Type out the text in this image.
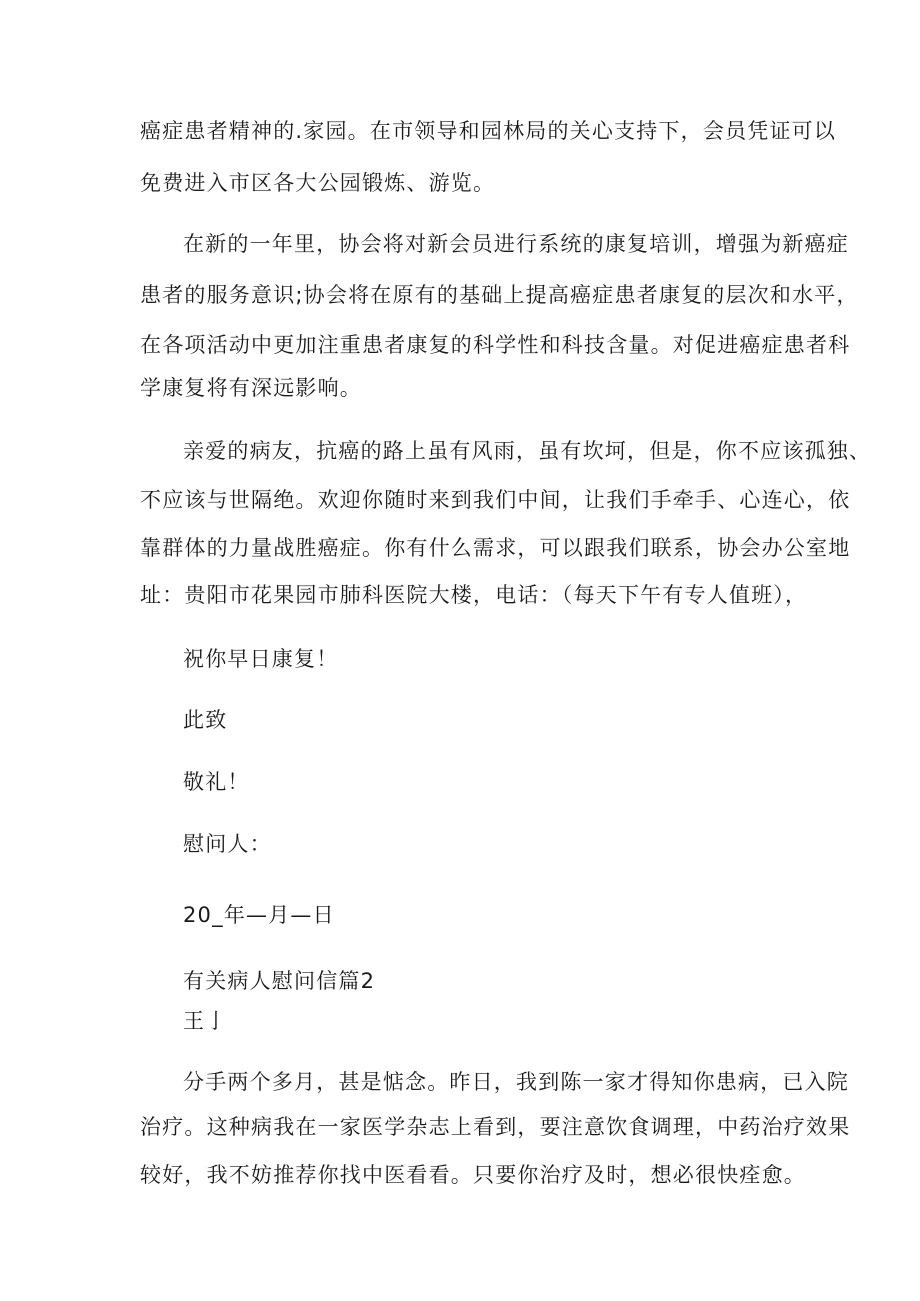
癌症患者精神的.家园。在市领导和园林局的关心支持下，会员凭证可以
免费进入市区各大公园锻炼、游览。
在新的一年里，协会将对新会员进行系统的康复培训，增强为新癌症
患者的服务意识;协会将在原有的基础上提高癌症患者康复的层次和水平，
在各项活动中更加注重患者康复的科学性和科技含量。对促进癌症患者科
学康复将有深远影响。
亲爱的病友，抗癌的路上虽有风雨，虽有坎坷，但是，你不应该孤独、
不应该与世隔绝。欢迎你随时来到我们中间，让我们手牵手、心连心，依
靠群体的力量战胜癌症。你有什么需求，可以跟我们联系，协会办公室地
址：贵阳市花果园市肺科医院大楼，电话：（每天下午有专人值班），
祝你早日康复！
此致
敬礼！
慰问人：
20_年—月—日
有关病人慰问信篇2
王亅
分手两个多月，甚是惦念。昨日，我到陈一家才得知你患病，已入院
治疗。这种病我在一家医学杂志上看到，要注意饮食调理，中药治疗效果
较好，我不妨推荐你找中医看看。只要你治疗及时，想必很快痊愈。
